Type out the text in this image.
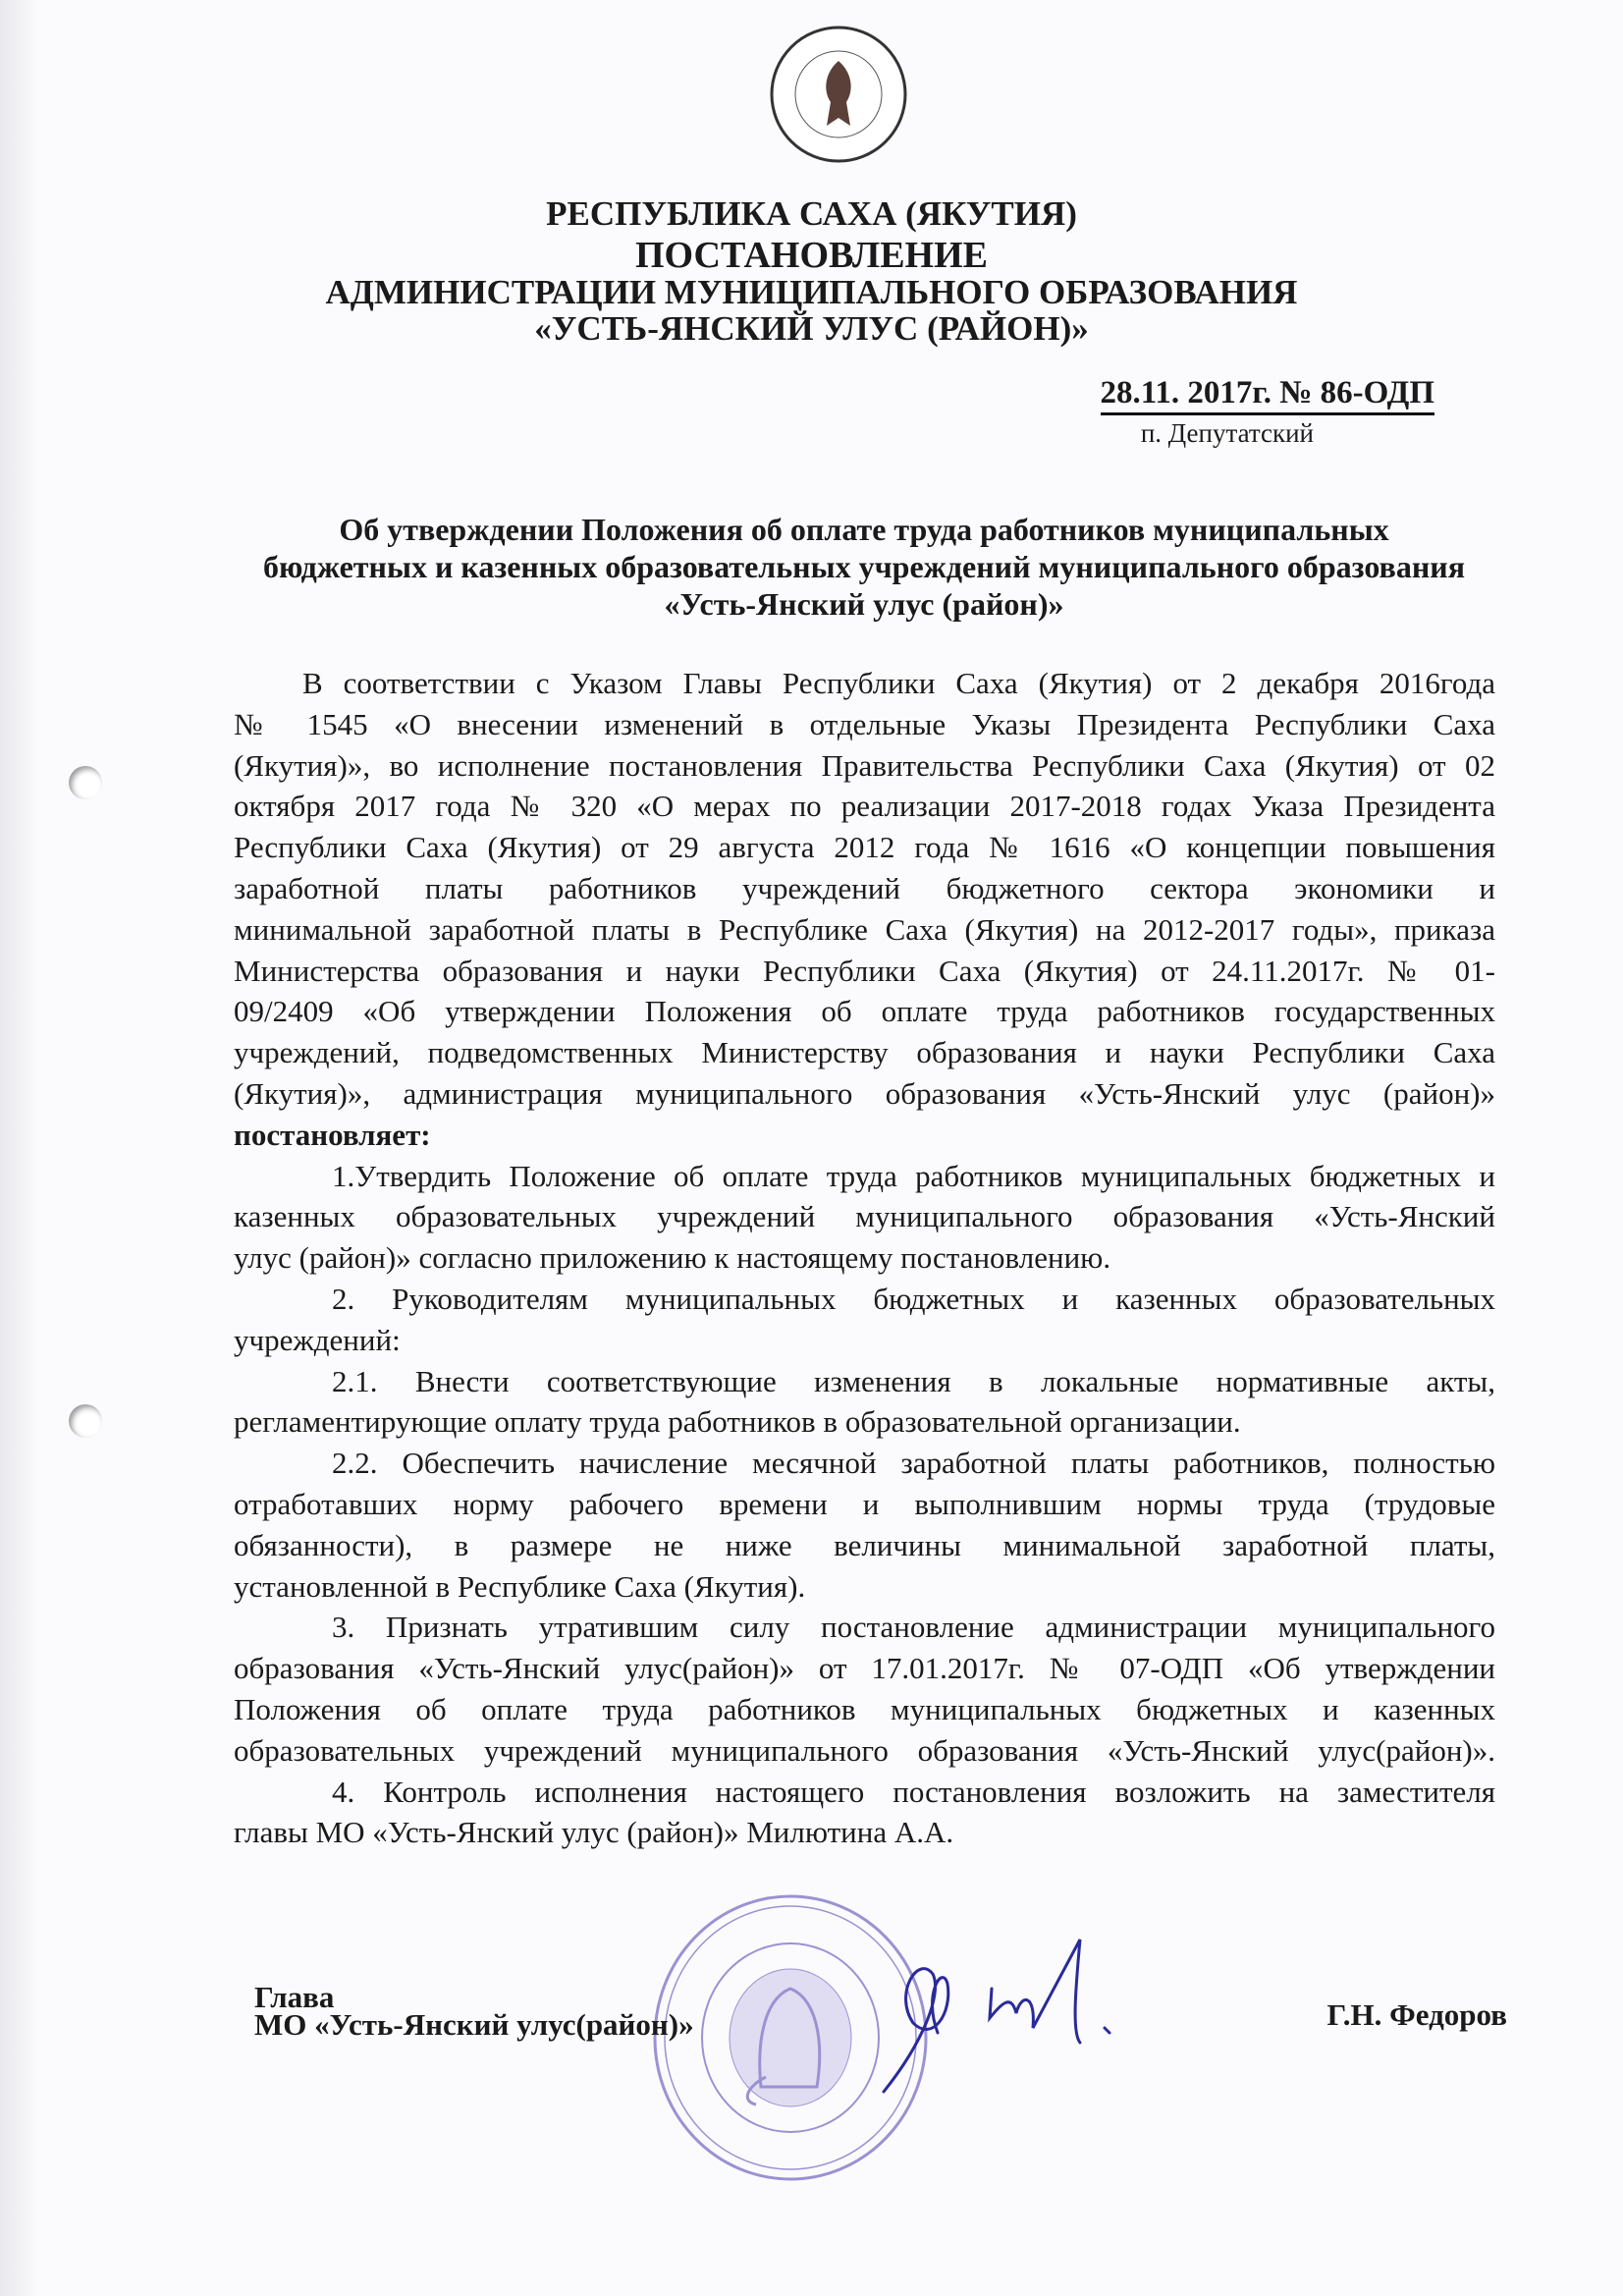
РЕСПУБЛИКА САХА (ЯКУТИЯ)
ПОСТАНОВЛЕНИЕ
АДМИНИСТРАЦИИ МУНИЦИПАЛЬНОГО ОБРАЗОВАНИЯ
«УСТЬ-ЯНСКИЙ УЛУС (РАЙОН)»
28.11. 2017г. № 86-ОДП
п. Депутатский
Об утверждении Положения об оплате труда работников муниципальных
бюджетных и казенных образовательных учреждений муниципального образования
«Усть-Янский улус (район)»
В соответствии с Указом Главы Республики Саха (Якутия) от 2 декабря 2016года
№ 1545 «О внесении изменений в отдельные Указы Президента Республики Саха
(Якутия)», во исполнение постановления Правительства Республики Саха (Якутия) от 02
октября 2017 года № 320 «О мерах по реализации 2017-2018 годах Указа Президента
Республики Саха (Якутия) от 29 августа 2012 года № 1616 «О концепции повышения
заработной платы работников учреждений бюджетного сектора экономики и
минимальной заработной платы в Республике Саха (Якутия) на 2012-2017 годы», приказа
Министерства образования и науки Республики Саха (Якутия) от 24.11.2017г. № 01-
09/2409 «Об утверждении Положения об оплате труда работников государственных
учреждений, подведомственных Министерству образования и науки Республики Саха
(Якутия)», администрация муниципального образования «Усть-Янский улус (район)»
постановляет:
1.Утвердить Положение об оплате труда работников муниципальных бюджетных и
казенных образовательных учреждений муниципального образования «Усть-Янский
улус (район)» согласно приложению к настоящему постановлению.
2. Руководителям муниципальных бюджетных и казенных образовательных
учреждений:
2.1. Внести соответствующие изменения в локальные нормативные акты,
регламентирующие оплату труда работников в образовательной организации.
2.2. Обеспечить начисление месячной заработной платы работников, полностью
отработавших норму рабочего времени и выполнившим нормы труда (трудовые
обязанности), в размере не ниже величины минимальной заработной платы,
установленной в Республике Саха (Якутия).
3. Признать утратившим силу постановление администрации муниципального
образования «Усть-Янский улус(район)» от 17.01.2017г. № 07-ОДП «Об утверждении
Положения об оплате труда работников муниципальных бюджетных и казенных
образовательных учреждений муниципального образования «Усть-Янский улус(район)».
4. Контроль исполнения настоящего постановления возложить на заместителя
главы МО «Усть-Янский улус (район)» Милютина А.А.
Глава
МО «Усть-Янский улус(район)»	Г.Н. Федоров
